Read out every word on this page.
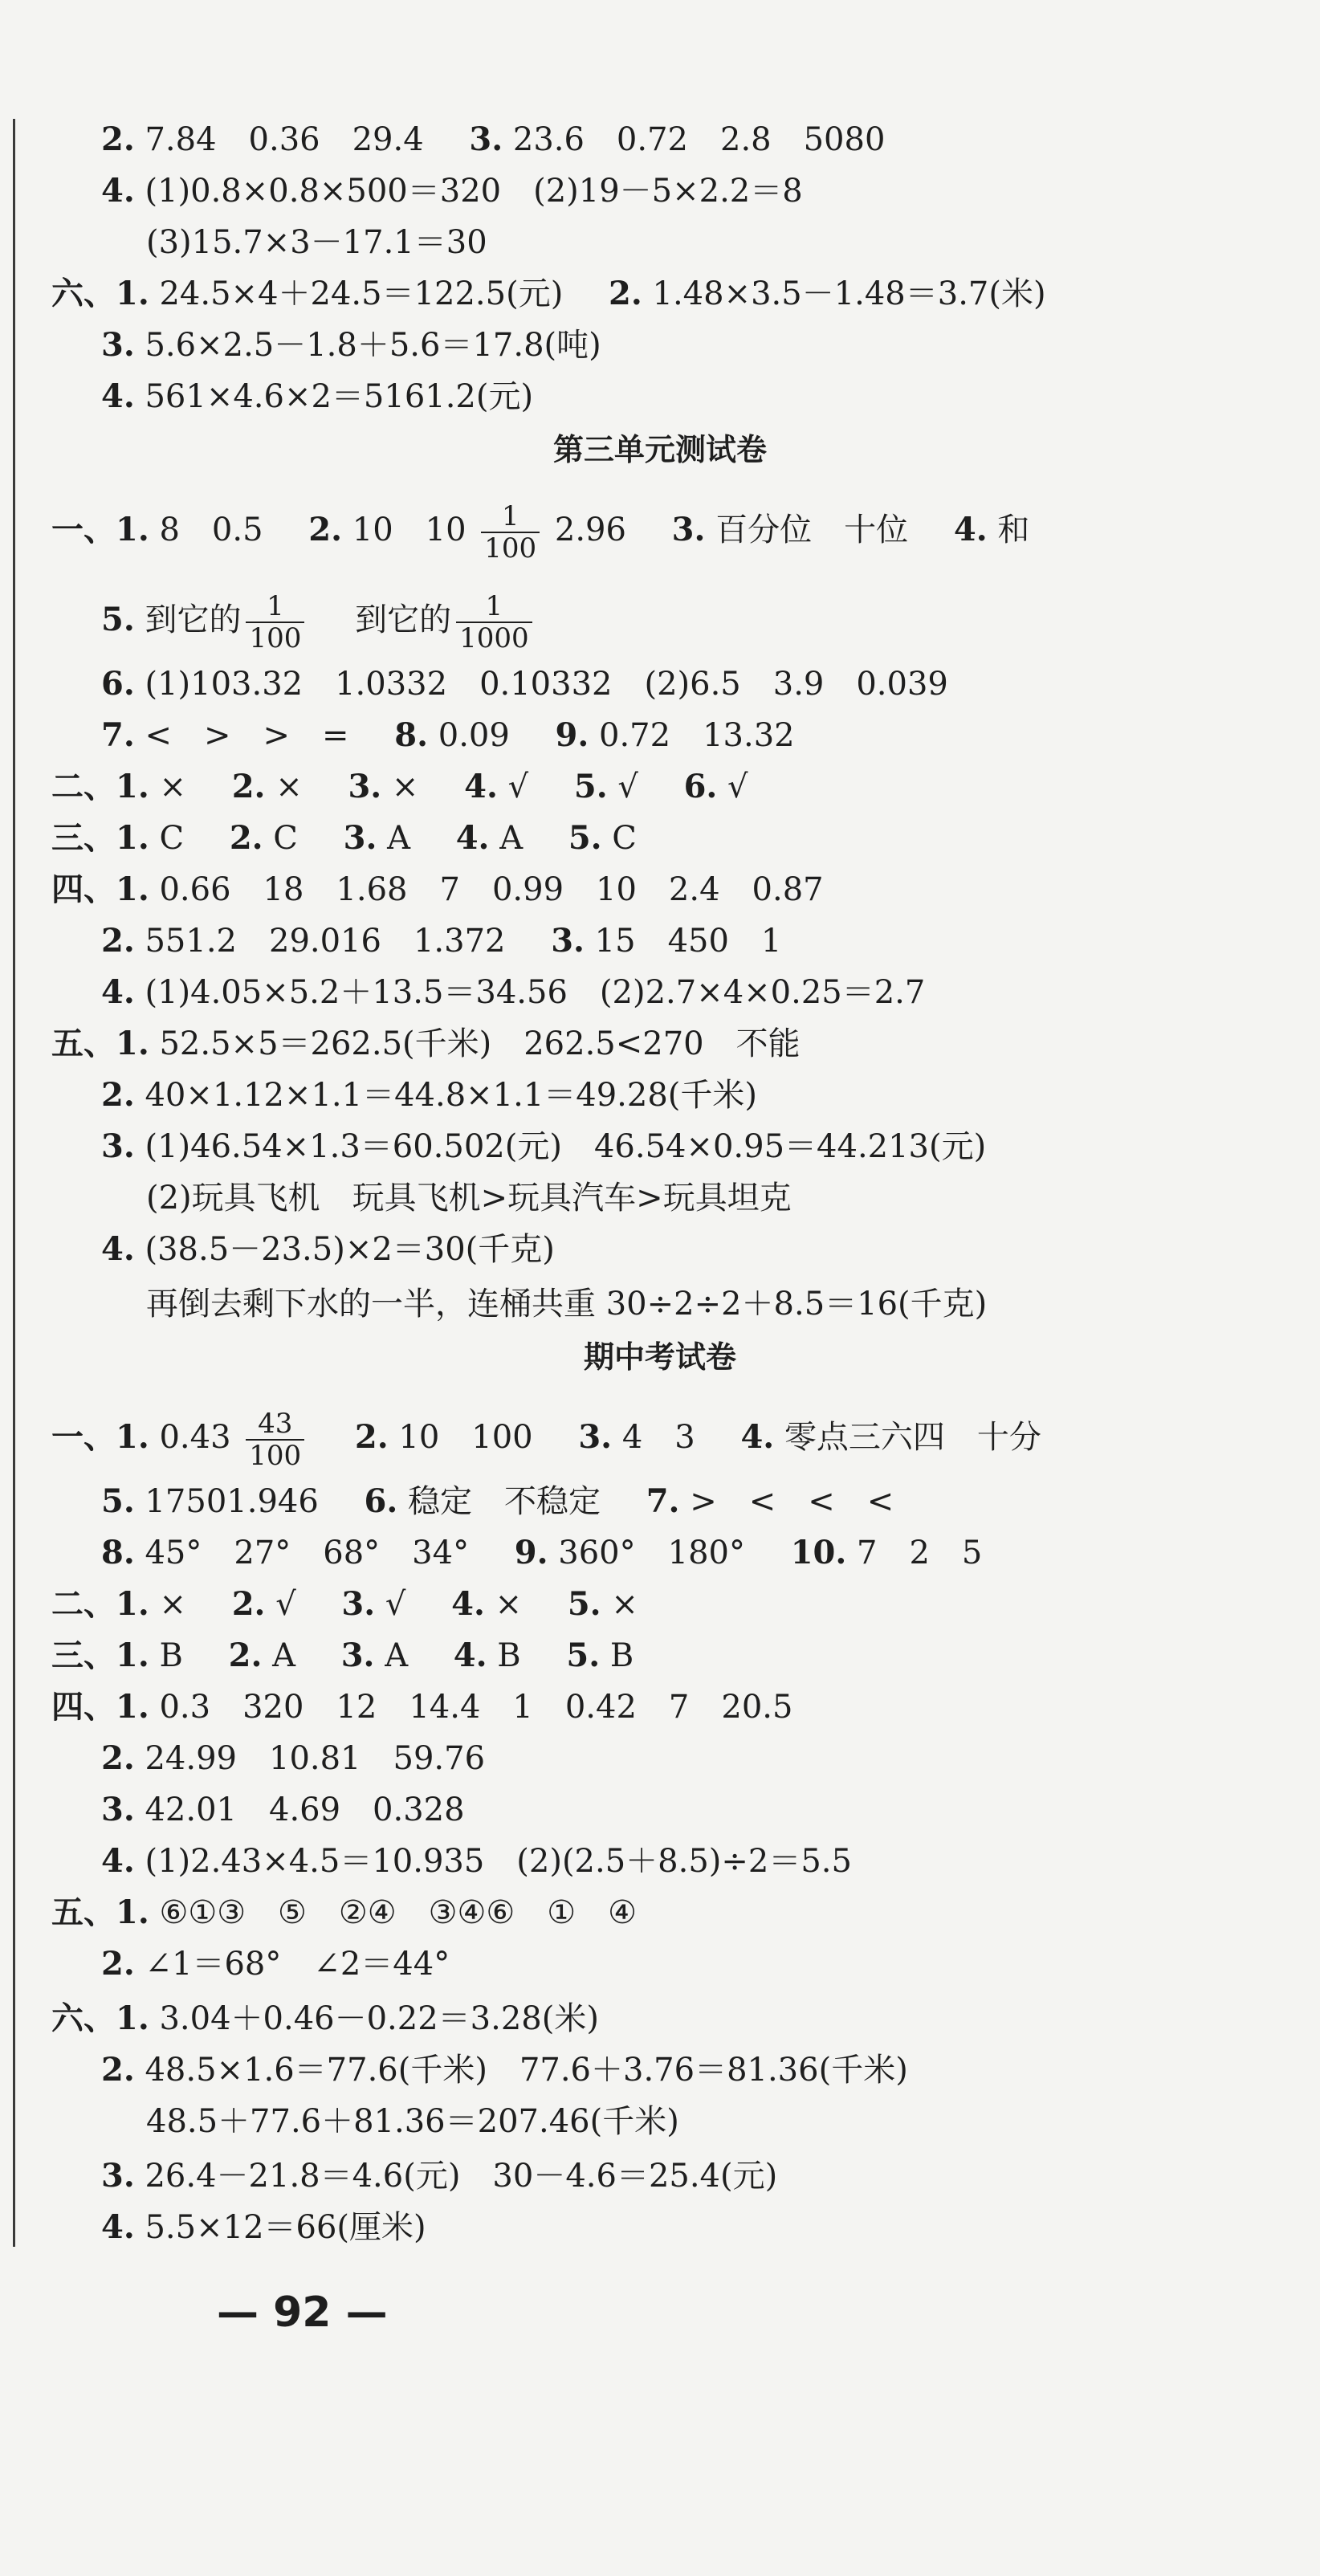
2. 7.84　0.36　29.4 3. 23.6　0.72　2.8　5080
4. (1)0.8×0.8×500＝320　(2)19－5×2.2＝8
(3)15.7×3－17.1＝30
六、1. 24.5×4＋24.5＝122.5(元) 2. 1.48×3.5－1.48＝3.7(米)
3. 5.6×2.5－1.8＋5.6＝17.8(吨)
4. 561×4.6×2＝5161.2(元)
第三单元测试卷
一、1. 8　0.5 2. 10　$10 \frac{1}{100} 2.96$ 3. 百分位　十位 4. 和
5. 到它的 $\frac{1}{100}$ 到它的 $\frac{1}{1000}$
6. (1)103.32　1.0332　0.10332　(2)6.5　3.9　0.039
7. <　>　>　= 8. 0.09 9. 0.72　13.32
二、1. × 2. × 3. × 4. √ 5. √ 6. √
三、1. C 2. C 3. A 4. A 5. C
四、1. 0.66　18　1.68　7　0.99　10　2.4　0.87
2. 551.2　29.016　1.372 3. 15　450　1
4. (1)4.05×5.2＋13.5＝34.56　(2)2.7×4×0.25＝2.7
五、1. 52.5×5＝262.5(千米)　262.5<270　不能
2. 40×1.12×1.1＝44.8×1.1＝49.28(千米)
3. (1)46.54×1.3＝60.502(元)　46.54×0.95＝44.213(元)
(2)玩具飞机　玩具飞机>玩具汽车>玩具坦克
4. (38.5－23.5)×2＝30(千克)
再倒去剩下水的一半，连桶共重 30÷2÷2＋8.5＝16(千克)
期中考试卷
一、1. $0.43 \frac{43}{100} 2$. 10　100 3. 4　3 4. 零点三六四　十分
5. 17501.946 6. 稳定　不稳定 7. >　<　<　<
8. 45°　27°　68°　34° 9. 360°　180° 10. 7　2　5
二、1. × 2. √ 3. √ 4. × 5. ×
三、1. B 2. A 3. A 4. B 5. B
四、1. 0.3　320　12　14.4　1　0.42　7　20.5
2. 24.99　10.81　59.76
3. 42.01　4.69　0.328
4. (1)2.43×4.5＝10.935　(2)(2.5＋8.5)÷2＝5.5
五、1. ⑥①③　⑤　②④　③④⑥　①　④
2. ∠1＝68°　∠2＝44°
六、1. 3.04＋0.46－0.22＝3.28(米)
2. 48.5×1.6＝77.6(千米)　77.6＋3.76＝81.36(千米)
48.5＋77.6＋81.36＝207.46(千米)
3. 26.4－21.8＝4.6(元)　30－4.6＝25.4(元)
4. 5.5×12＝66(厘米)
— 92 —
